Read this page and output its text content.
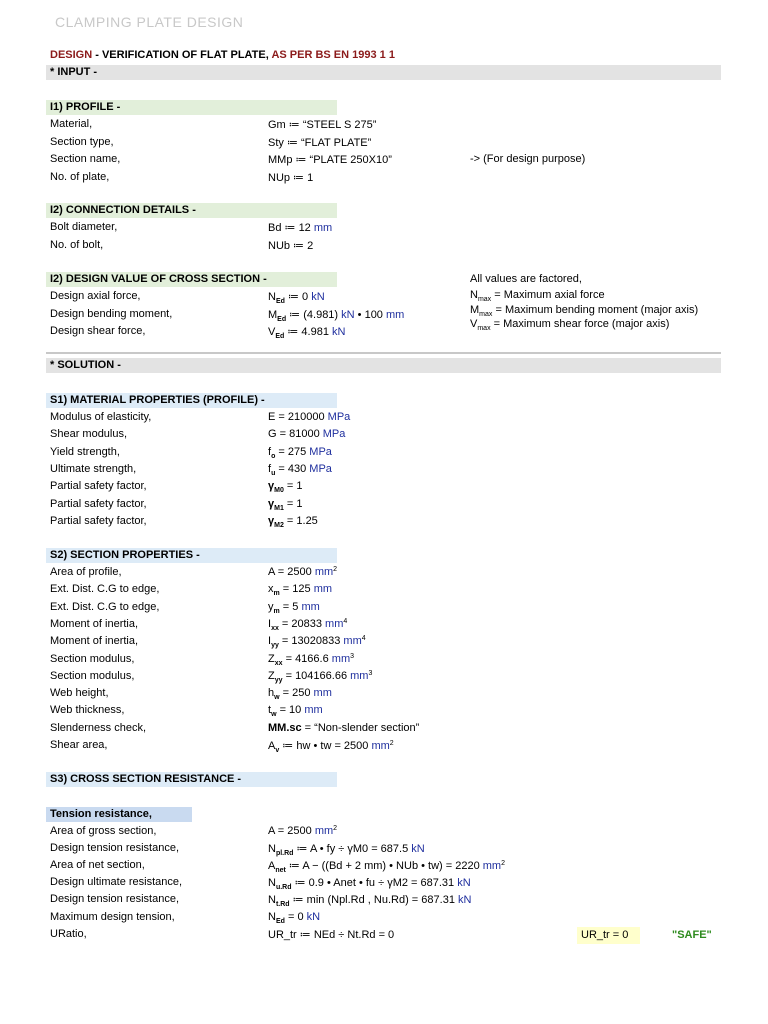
CLAMPING PLATE DESIGN
DESIGN - VERIFICATION OF FLAT PLATE, AS PER BS EN 1993 1 1
* INPUT -
I1) PROFILE -
Material,	Gm ≔ “STEEL S 275”
Section type,	Sty ≔ “FLAT PLATE”
Section name,	MMp ≔ “PLATE 250X10”	-> (For design purpose)
No. of plate,	NUp ≔ 1
I2) CONNECTION DETAILS -
Bolt diameter,	Bd ≔ 12 mm
No. of bolt,	NUb ≔ 2
I2) DESIGN VALUE OF CROSS SECTION -
Design axial force,	$N_{Ed}$ ≔ 0 kN
Design bending moment,	$M_{Ed}$ ≔ (4.981) kN • 100 mm
Design shear force,	$V_{Ed}$ ≔ 4.981 kN
All values are factored,
$N_{max}$ = Maximum axial force
$M_{max}$ = Maximum bending moment (major axis)
$V_{max}$ = Maximum shear force (major axis)
* SOLUTION -
S1) MATERIAL PROPERTIES (PROFILE) -
Modulus of elasticity,	E = 210000 MPa
Shear modulus,	G = 81000 MPa
Yield strength,	$f_o = 275$ MPa
Ultimate strength,	$f_u = 430$ MPa
Partial safety factor,	$\gamma_{M0} = 1$
Partial safety factor,	$\gamma_{M1} = 1$
Partial safety factor,	$\gamma_{M2} = 1.25$
S2) SECTION PROPERTIES -
Area of profile,	A = 2500 $mm^2$
Ext. Dist. C.G to edge,	$x_m = 125$ mm
Ext. Dist. C.G to edge,	$y_m = 5$ mm
Moment of inertia,	$I_{xx} = 20833$ $mm^4$
Moment of inertia,	$I_{yy} = 13020833$ $mm^4$
Section modulus,	$Z_{xx} = 4166.6$ $mm^3$
Section modulus,	$Z_{yy} = 104166.66$ $mm^3$
Web height,	$h_w = 250$ mm
Web thickness,	$t_w = 10$ mm
Slenderness check,	MM.sc = “Non-slender section”
Shear area,	$A_v$ ≔ hw • tw = 2500 $mm^2$
S3) CROSS SECTION RESISTANCE -
Tension resistance,
Area of gross section,	A = 2500 $mm^2$
Design tension resistance,	$N_{pl.Rd}$ ≔ A • fy ÷ γM0 = 687.5 kN
Area of net section,	$A_{net}$ ≔ A − ((Bd + 2 mm) • NUb • tw) = 2220 $mm^2$
Design ultimate resistance,	$N_{u.Rd}$ ≔ 0.9 • Anet • fu ÷ γM2 = 687.31 kN
Design tension resistance,	$N_{t.Rd}$ ≔ min (Npl.Rd , Nu.Rd) = 687.31 kN
Maximum design tension,	$N_{Ed} = 0$ kN
URatio,	UR_tr ≔ NEd ÷ Nt.Rd = 0	UR_tr = 0	"SAFE"
